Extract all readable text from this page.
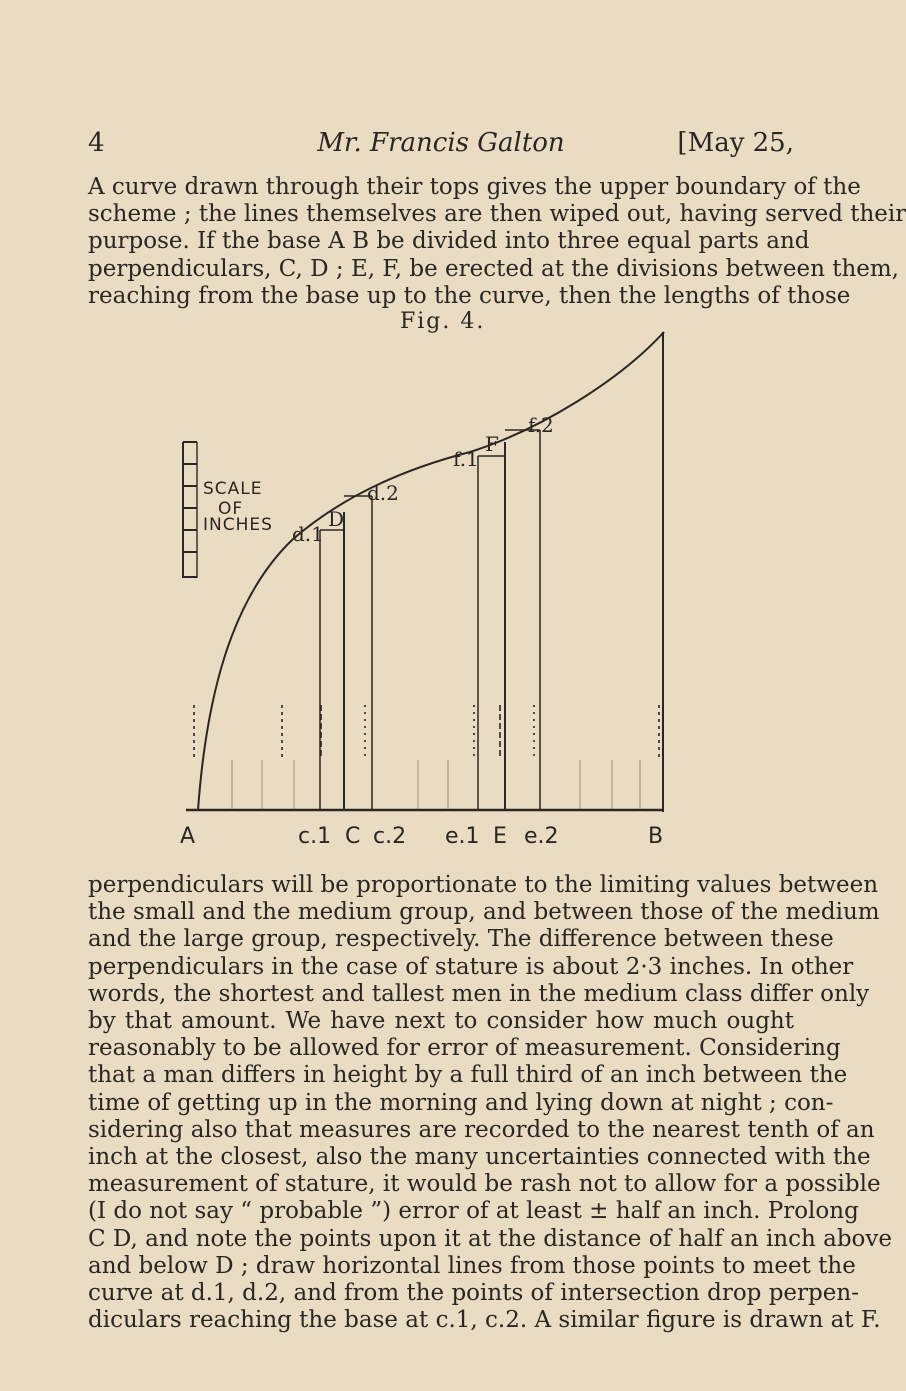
4	Mr. Francis Galton	[May 25,
A curve drawn through their tops gives the upper boundary of the
scheme ; the lines themselves are then wiped out, having served their
purpose. If the base A B be divided into three equal parts and
perpendiculars, C, D ; E, F, be erected at the divisions between them,
reaching from the base up to the curve, then the lengths of those
Fig. 4.
SCALE
OF
INCHES
f.2
f.1
F
d.2
d.1
D
A	c.1 C c.2 e.1 E e.2	B
perpendiculars will be proportionate to the limiting values between
the small and the medium group, and between those of the medium
and the large group, respectively. The difference between these
perpendiculars in the case of stature is about 2·3 inches. In other
words, the shortest and tallest men in the medium class differ only
by that amount. We have next to consider how much ought
reasonably to be allowed for error of measurement. Considering
that a man differs in height by a full third of an inch between the
time of getting up in the morning and lying down at night ; con-
sidering also that measures are recorded to the nearest tenth of an
inch at the closest, also the many uncertainties connected with the
measurement of stature, it would be rash not to allow for a possible
(I do not say “ probable ”) error of at least ± half an inch. Prolong
C D, and note the points upon it at the distance of half an inch above
and below D ; draw horizontal lines from those points to meet the
curve at d.1, d.2, and from the points of intersection drop perpen-
diculars reaching the base at c.1, c.2. A similar figure is drawn at F.
